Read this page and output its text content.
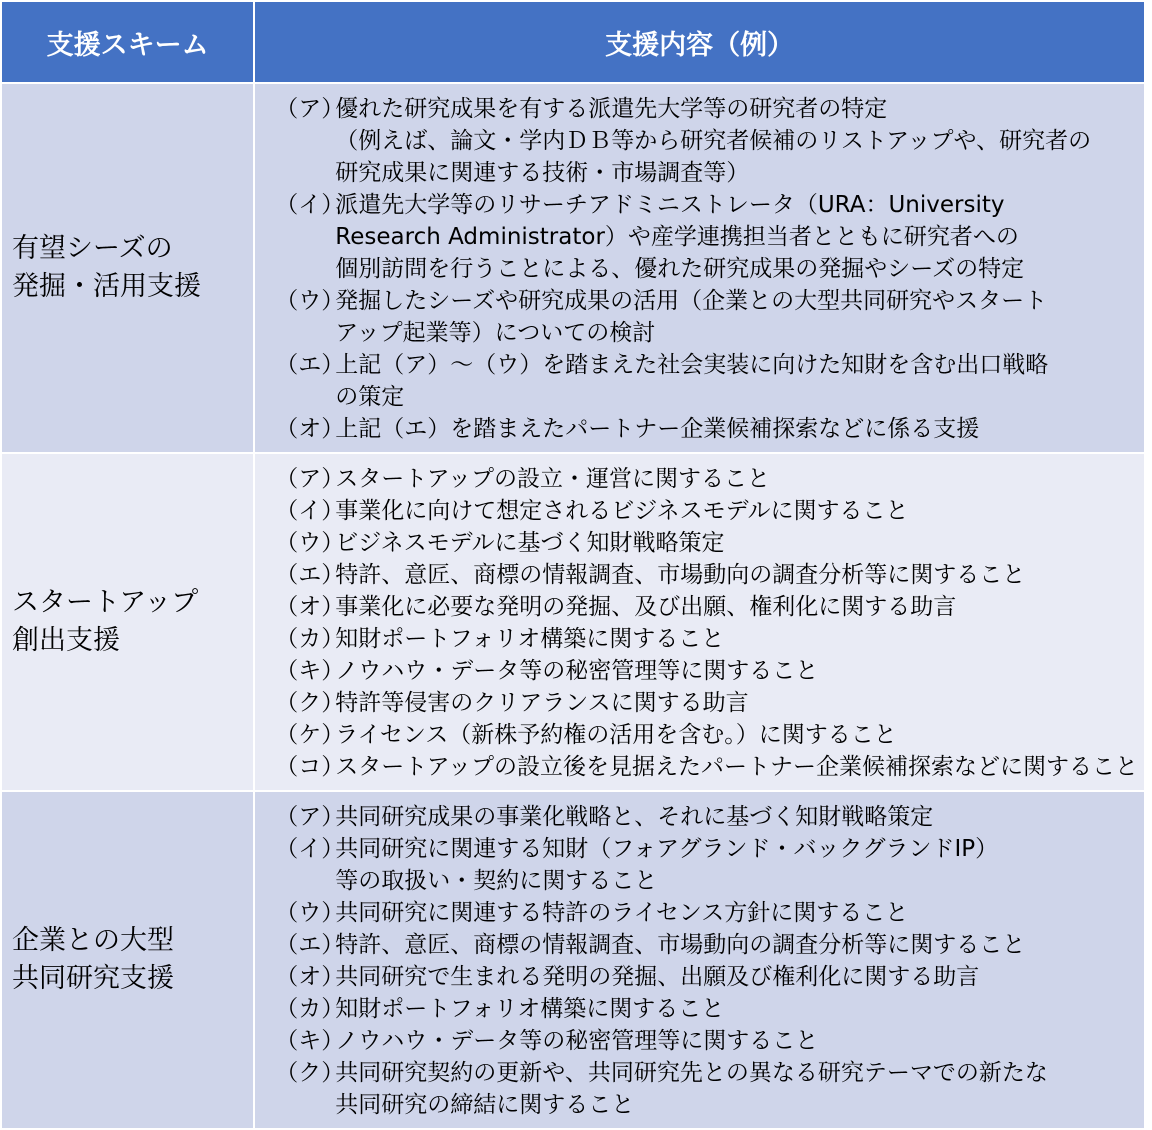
支援スキーム	支援内容（例）

有望シーズの
発掘・活用支援

（ア）
優れた研究成果を有する派遣先大学等の研究者の特定
（例えば、論文・学内ＤＢ等から研究者候補のリストアップや、研究者の
研究成果に関連する技術・市場調査等）
（イ）
派遣先大学等のリサーチアドミニストレータ（URA：University
Research Administrator）や産学連携担当者とともに研究者への
個別訪問を行うことによる、優れた研究成果の発掘やシーズの特定
（ウ）
発掘したシーズや研究成果の活用（企業との大型共同研究やスタート
アップ起業等）についての検討
（エ）
上記（ア）～（ウ）を踏まえた社会実装に向けた知財を含む出口戦略
の策定
（オ）
上記（エ）を踏まえたパートナー企業候補探索などに係る支援

スタートアップ
創出支援

（ア）
スタートアップの設立・運営に関すること
（イ）
事業化に向けて想定されるビジネスモデルに関すること
（ウ）
ビジネスモデルに基づく知財戦略策定
（エ）
特許、意匠、商標の情報調査、市場動向の調査分析等に関すること
（オ）
事業化に必要な発明の発掘、及び出願、権利化に関する助言
（カ）
知財ポートフォリオ構築に関すること
（キ）
ノウハウ・データ等の秘密管理等に関すること
（ク）
特許等侵害のクリアランスに関する助言
（ケ）
ライセンス（新株予約権の活用を含む。）に関すること
（コ）
スタートアップの設立後を見据えたパートナー企業候補探索などに関すること

企業との大型
共同研究支援

（ア）
共同研究成果の事業化戦略と、それに基づく知財戦略策定
（イ）
共同研究に関連する知財（フォアグランド・バックグランドIP）
等の取扱い・契約に関すること
（ウ）
共同研究に関連する特許のライセンス方針に関すること
（エ）
特許、意匠、商標の情報調査、市場動向の調査分析等に関すること
（オ）
共同研究で生まれる発明の発掘、出願及び権利化に関する助言
（カ）
知財ポートフォリオ構築に関すること
（キ）
ノウハウ・データ等の秘密管理等に関すること
（ク）
共同研究契約の更新や、共同研究先との異なる研究テーマでの新たな
共同研究の締結に関すること
